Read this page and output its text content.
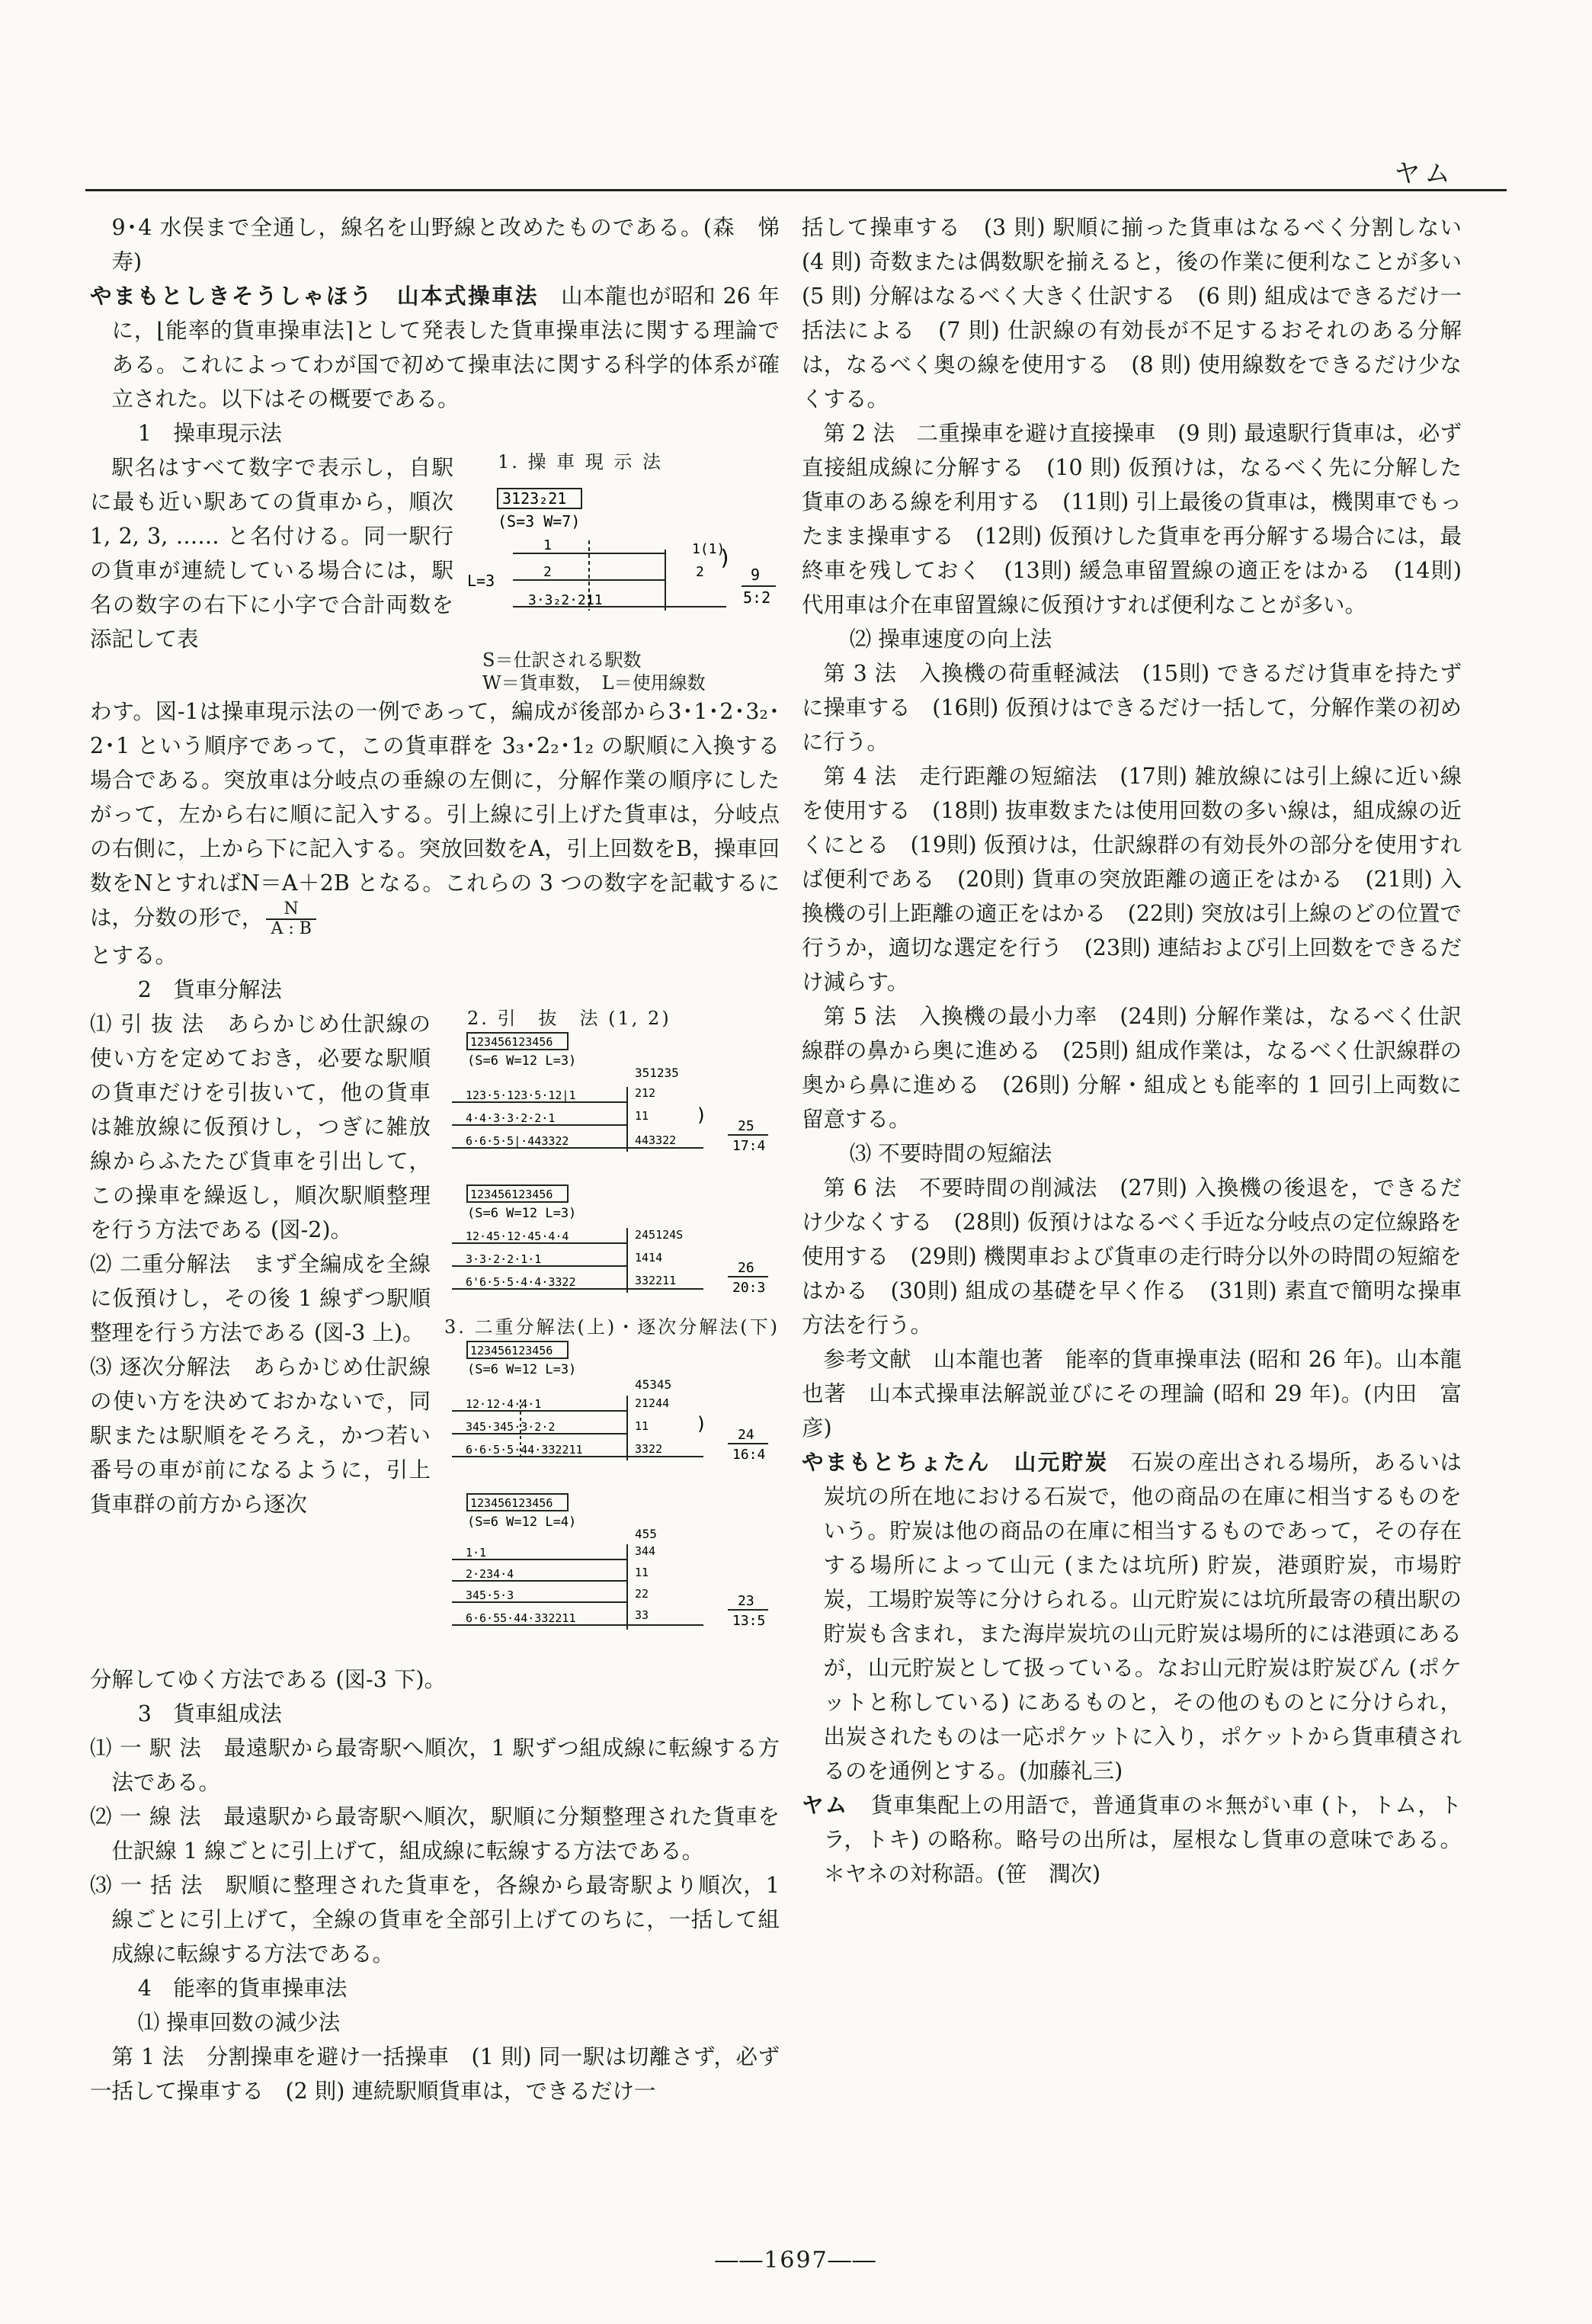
ヤム

9･4 水俣まで全通し，線名を山野線と改めたものである。(森　悌寿)

やまもとしきそうしゃほう　山本式操車法　 山本龍也が昭和 26 年に，⌊能率的貨車操車法⌉として発表した貨車操車法に関する理論である。これによってわが国で初めて操車法に関する科学的体系が確立された。以下はその概要である。

1　操車現示法

駅名はすべて数字で表示し，自駅に最も近い駅あての貨車から，順次 1, 2, 3, …… と名付ける。同一駅行の貨車が連続している場合には，駅名の数字の右下に小字で合計両数を添記して表

1. 操 車 現 示 法
3123₂21
(S=3 W=7)
L=3
1
2
3·3₂2·211
1(1)
2
)
9
5:2
S＝仕訳される駅数
W＝貨車数，　L＝使用線数

わす。図-1は操車現示法の一例であって，編成が後部から3･1･2･3₂･2･1 という順序であって，この貨車群を 3₃･2₂･1₂ の駅順に入換する場合である。突放車は分岐点の垂線の左側に，分解作業の順序にしたがって，左から右に順に記入する。引上線に引上げた貨車は，分岐点の右側に，上から下に記入する。突放回数をA，引上回数をB，操車回数をNとすればN＝A＋2B となる。これらの 3 つの数字を記載するには，分数の形で， $\frac{N}{A : B}$

とする。

2　貨車分解法

⑴ 引 抜 法　あらかじめ仕訳線の使い方を定めておき，必要な駅順の貨車だけを引抜いて，他の貨車は雑放線に仮預けし，つぎに雑放線からふたたび貨車を引出して，この操車を繰返し，順次駅順整理を行う方法である (図-2)。

⑵ 二重分解法　まず全編成を全線に仮預けし，その後 1 線ずつ駅順整理を行う方法である (図-3 上)。

⑶ 逐次分解法　あらかじめ仕訳線の使い方を決めておかないで，同駅または駅順をそろえ，かつ若い番号の車が前になるように，引上貨車群の前方から逐次

2. 引　抜　法 (1, 2)
123456123456
(S=6 W=12 L=3)
351235
123·5·123·5·12|1
4·4·3·3·2·2·1
6·6·5·5|·443322
212
11
443322
)
25
17:4
123456123456
(S=6 W=12 L=3)
12·45·12·45·4·4
3·3·2·2·1·1
6'6·5·5·4·4·3322
245124S
1414
332211
26
20:3
3. 二重分解法(上)・逐次分解法(下)
123456123456
(S=6 W=12 L=3)
45345
12·12·4·4·1
345·345·3·2·2
6·6·5·5·44·332211
21244
11
3322
)
24
16:4
123456123456
(S=6 W=12 L=4)
455
1·1
2·234·4
345·5·3
6·6·55·44·332211
344
11
22
33
23
13:5

分解してゆく方法である (図-3 下)。

3　貨車組成法

⑴ 一 駅 法　最遠駅から最寄駅へ順次，1 駅ずつ組成線に転線する方法である。

⑵ 一 線 法　最遠駅から最寄駅へ順次，駅順に分類整理された貨車を仕訳線 1 線ごとに引上げて，組成線に転線する方法である。

⑶ 一 括 法　駅順に整理された貨車を，各線から最寄駅より順次，1 線ごとに引上げて，全線の貨車を全部引上げてのちに，一括して組成線に転線する方法である。

4　能率的貨車操車法

⑴ 操車回数の減少法

第 1 法　分割操車を避け一括操車　(1 則) 同一駅は切離さず，必ず一括して操車する　(2 則) 連続駅順貨車は，できるだけ一

括して操車する　(3 則) 駅順に揃った貨車はなるべく分割しない　(4 則) 奇数または偶数駅を揃えると，後の作業に便利なことが多い　(5 則) 分解はなるべく大きく仕訳する　(6 則) 組成はできるだけ一括法による　(7 則) 仕訳線の有効長が不足するおそれのある分解は，なるべく奥の線を使用する　(8 則) 使用線数をできるだけ少なくする。

第 2 法　二重操車を避け直接操車　(9 則) 最遠駅行貨車は，必ず直接組成線に分解する　(10 則) 仮預けは，なるべく先に分解した貨車のある線を利用する　(11則) 引上最後の貨車は，機関車でもったまま操車する　(12則) 仮預けした貨車を再分解する場合には，最終車を残しておく　(13則) 緩急車留置線の適正をはかる　(14則) 代用車は介在車留置線に仮預けすれば便利なことが多い。

⑵ 操車速度の向上法

第 3 法　入換機の荷重軽減法　(15則) できるだけ貨車を持たずに操車する　(16則) 仮預けはできるだけ一括して，分解作業の初めに行う。

第 4 法　走行距離の短縮法　(17則) 雑放線には引上線に近い線を使用する　(18則) 抜車数または使用回数の多い線は，組成線の近くにとる　(19則) 仮預けは，仕訳線群の有効長外の部分を使用すれば便利である　(20則) 貨車の突放距離の適正をはかる　(21則) 入換機の引上距離の適正をはかる　(22則) 突放は引上線のどの位置で行うか，適切な選定を行う　(23則) 連結および引上回数をできるだけ減らす。

第 5 法　入換機の最小力率　(24則) 分解作業は，なるべく仕訳線群の鼻から奥に進める　(25則) 組成作業は，なるべく仕訳線群の奥から鼻に進める　(26則) 分解・組成とも能率的 1 回引上両数に留意する。

⑶ 不要時間の短縮法

第 6 法　不要時間の削減法　(27則) 入換機の後退を，できるだけ少なくする　(28則) 仮預けはなるべく手近な分岐点の定位線路を使用する　(29則) 機関車および貨車の走行時分以外の時間の短縮をはかる　(30則) 組成の基礎を早く作る　(31則) 素直で簡明な操車方法を行う。

参考文献　山本龍也著　能率的貨車操車法 (昭和 26 年)。山本龍也著　山本式操車法解説並びにその理論 (昭和 29 年)。(内田　富彦)

やまもとちょたん　山元貯炭　 石炭の産出される場所，あるいは炭坑の所在地における石炭で，他の商品の在庫に相当するものをいう。貯炭は他の商品の在庫に相当するものであって，その存在する場所によって山元 (または坑所) 貯炭，港頭貯炭，市場貯炭，工場貯炭等に分けられる。山元貯炭には坑所最寄の積出駅の貯炭も含まれ，また海岸炭坑の山元貯炭は場所的には港頭にあるが，山元貯炭として扱っている。なお山元貯炭は貯炭びん (ポケットと称している) にあるものと，その他のものとに分けられ，出炭されたものは一応ポケットに入り，ポケットから貨車積されるのを通例とする。(加藤礼三)

ヤム　 貨車集配上の用語で，普通貨車の＊無がい車 (ト，トム，トラ，トキ) の略称。略号の出所は，屋根なし貨車の意味である。＊ヤネの対称語。(笹　潤次)

――1697――
